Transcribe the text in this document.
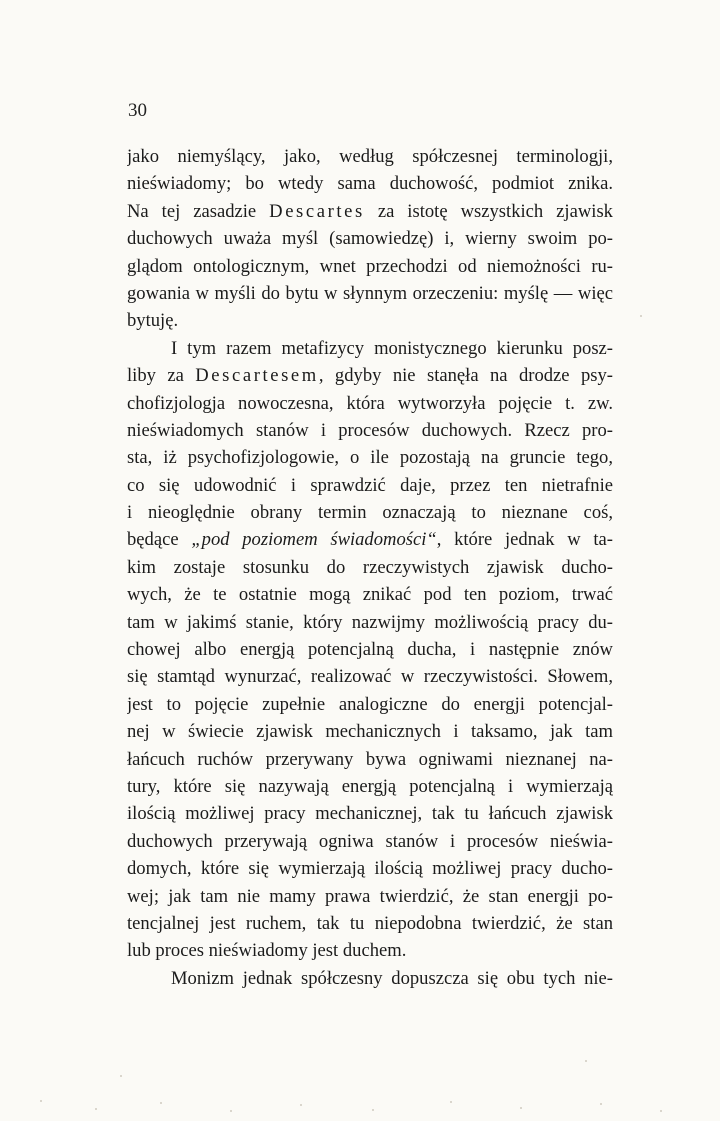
30
jako niemyślący, jako, według spółczesnej terminologji,
nieświadomy; bo wtedy sama duchowość, podmiot znika.
Na tej zasadzie Descartes za istotę wszystkich zjawisk
duchowych uważa myśl (samowiedzę) i, wierny swoim po-
glądom ontologicznym, wnet przechodzi od niemożności ru-
gowania w myśli do bytu w słynnym orzeczeniu: myślę — więc
bytuję.
I tym razem metafizycy monistycznego kierunku posz-
liby za Descartesem, gdyby nie stanęła na drodze psy-
chofizjologja nowoczesna, która wytworzyła pojęcie t. zw.
nieświadomych stanów i procesów duchowych. Rzecz pro-
sta, iż psychofizjologowie, o ile pozostają na gruncie tego,
co się udowodnić i sprawdzić daje, przez ten nietrafnie
i nieoględnie obrany termin oznaczają to nieznane coś,
będące „pod poziomem świadomości“, które jednak w ta-
kim zostaje stosunku do rzeczywistych zjawisk ducho-
wych, że te ostatnie mogą znikać pod ten poziom, trwać
tam w jakimś stanie, który nazwijmy możliwością pracy du-
chowej albo energją potencjalną ducha, i następnie znów
się stamtąd wynurzać, realizować w rzeczywistości. Słowem,
jest to pojęcie zupełnie analogiczne do energji potencjal-
nej w świecie zjawisk mechanicznych i taksamo, jak tam
łańcuch ruchów przerywany bywa ogniwami nieznanej na-
tury, które się nazywają energją potencjalną i wymierzają
ilością możliwej pracy mechanicznej, tak tu łańcuch zjawisk
duchowych przerywają ogniwa stanów i procesów nieświa-
domych, które się wymierzają ilością możliwej pracy ducho-
wej; jak tam nie mamy prawa twierdzić, że stan energji po-
tencjalnej jest ruchem, tak tu niepodobna twierdzić, że stan
lub proces nieświadomy jest duchem.
Monizm jednak spółczesny dopuszcza się obu tych nie-
